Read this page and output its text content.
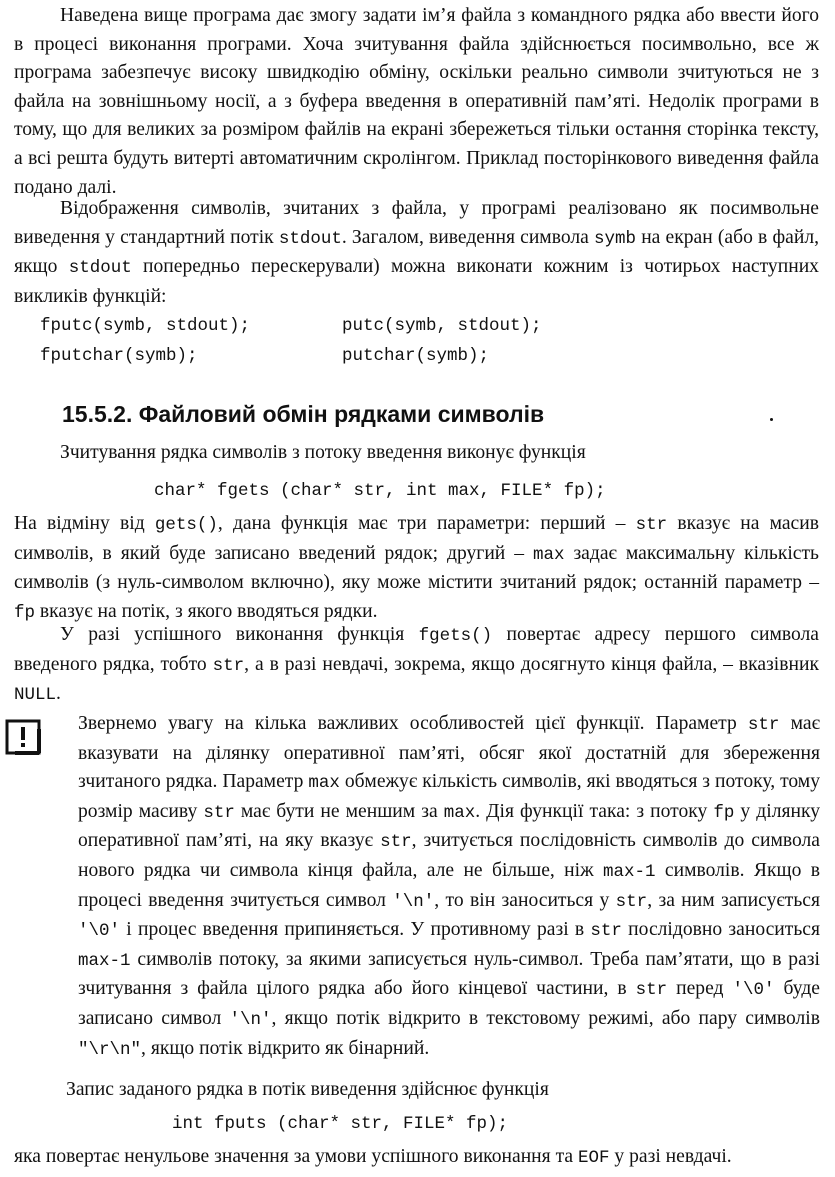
Наведена вище програма дає змогу задати ім’я файла з командного рядка або ввести його в процесі виконання програми. Хоча зчитування файла здійснюється посимвольно, все ж програма забезпечує високу швидкодію обміну, оскільки реально символи зчитуються не з файла на зовнішньому носії, а з буфера введення в оперативній пам’яті. Недолік програми в тому, що для великих за розміром файлів на екрані збережеться тільки остання сторінка тексту, а всі решта будуть витерті автоматичним скролінгом. Приклад посторінкового виведення файла подано далі.

Відображення символів, зчитаних з файла, у програмі реалізовано як посимвольне виведення у стандартний потік stdout. Загалом, виведення символа symb на екран (або в файл, якщо stdout попередньо перескерували) можна виконати кожним із чотирьох наступних викликів функцій:

fputc(symb, stdout);	putc(symb, stdout);
fputchar(symb);	putchar(symb);
15.5.2. Файловий обмін рядками символів

Зчитування рядка символів з потоку введення виконує функція

char* fgets (char* str, int max, FILE* fp);

На відміну від gets(), дана функція має три параметри: перший – str вказує на масив символів, в який буде записано введений рядок; другий – max задає максимальну кількість символів (з нуль-символом включно), яку може містити зчитаний рядок; останній параметр – fp вказує на потік, з якого вводяться рядки.

У разі успішного виконання функція fgets() повертає адресу першого символа введеного рядка, тобто str, а в разі невдачі, зокрема, якщо досягнуто кінця файла, – вказівник NULL.

Звернемо увагу на кілька важливих особливостей цієї функції. Параметр str має вказувати на ділянку оперативної пам’яті, обсяг якої достатній для збереження зчитаного рядка. Параметр max обмежує кількість символів, які вводяться з потоку, тому розмір масиву str має бути не меншим за max. Дія функції така: з потоку fp у ділянку оперативної пам’яті, на яку вказує str, зчитується послідовність символів до символа нового рядка чи символа кінця файла, але не більше, ніж max-1 символів. Якщо в процесі введення зчитується символ '\n', то він заноситься у str, за ним записується '\0' і процес введення припиняється. У противному разі в str послідовно заноситься max-1 символів потоку, за якими записується нуль-символ. Треба пам’ятати, що в разі зчитування з файла цілого рядка або його кінцевої частини, в str перед '\0' буде записано символ '\n', якщо потік відкрито в текстовому режимі, або пару символів "\r\n", якщо потік відкрито як бінарний.

Запис заданого рядка в потік виведення здійснює функція

int fputs (char* str, FILE* fp);

яка повертає ненульове значення за умови успішного виконання та EOF у разі невдачі.
